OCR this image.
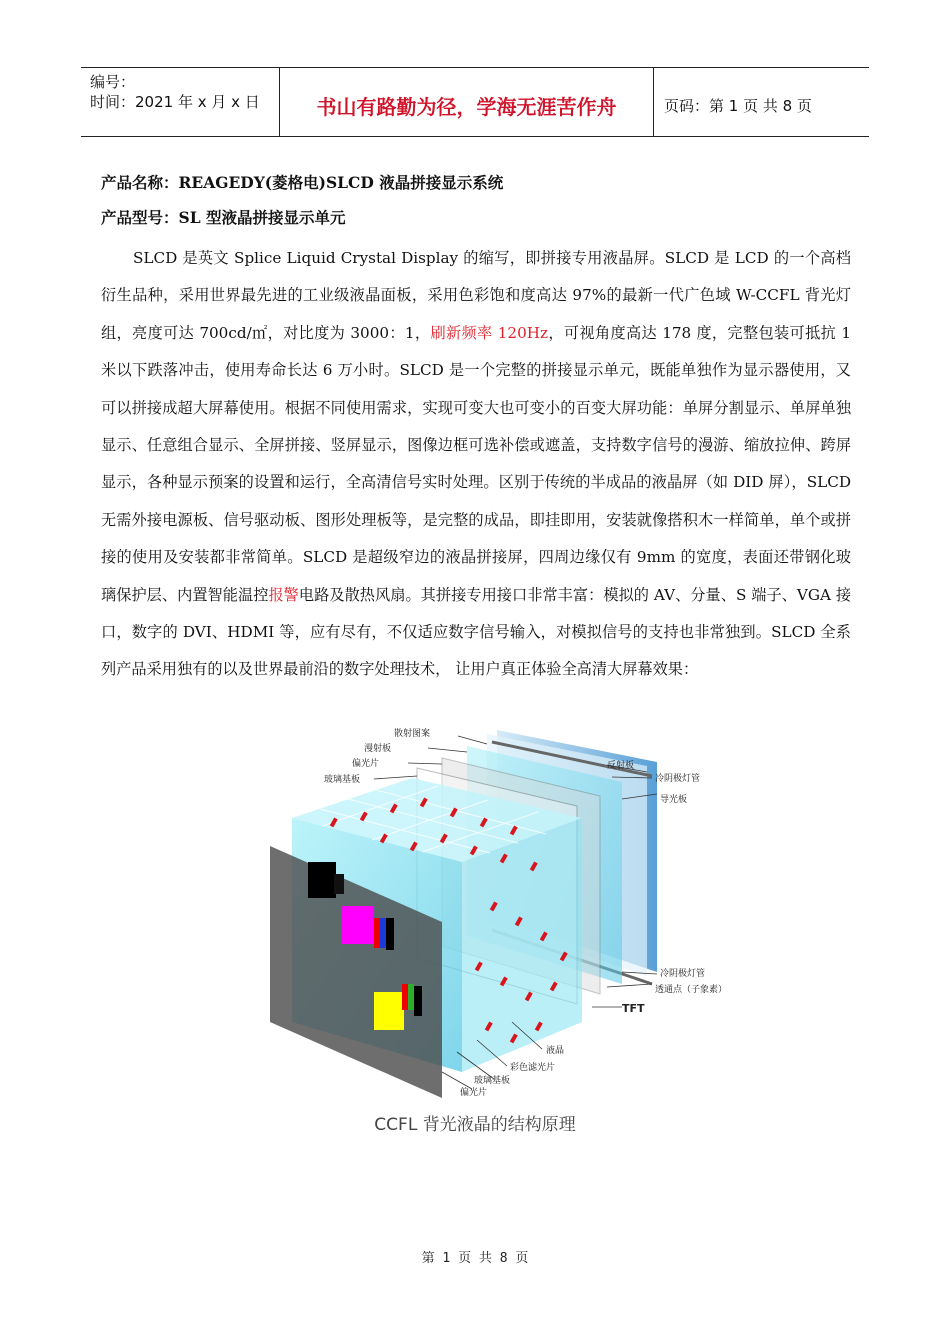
编号：
时间：2021 年 x 月 x 日	书山有路勤为径，学海无涯苦作舟	页码：第 1 页 共 8 页
产品名称：REAGEDY(菱格电)SLCD 液晶拼接显示系统
产品型号：SL 型液晶拼接显示单元
SLCD 是英文 Splice Liquid Crystal Display 的缩写，即拼接专用液晶屏。SLCD 是 LCD 的一个高档衍生品种，采用世界最先进的工业级液晶面板，采用色彩饱和度高达 97%的最新一代广色域 W-CCFL 背光灯组，亮度可达 700cd/㎡，对比度为 3000：1，刷新频率 120Hz，可视角度高达 178 度，完整包装可抵抗 1 米以下跌落冲击，使用寿命长达 6 万小时。SLCD 是一个完整的拼接显示单元，既能单独作为显示器使用，又可以拼接成超大屏幕使用。根据不同使用需求，实现可变大也可变小的百变大屏功能：单屏分割显示、单屏单独显示、任意组合显示、全屏拼接、竖屏显示，图像边框可选补偿或遮盖，支持数字信号的漫游、缩放拉伸、跨屏显示，各种显示预案的设置和运行，全高清信号实时处理。区别于传统的半成品的液晶屏（如 DID 屏），SLCD 无需外接电源板、信号驱动板、图形处理板等，是完整的成品，即挂即用，安装就像搭积木一样简单，单个或拼接的使用及安装都非常简单。SLCD 是超级窄边的液晶拼接屏，四周边缘仅有 9mm 的宽度，表面还带钢化玻璃保护层、内置智能温控报警电路及散热风扇。其拼接专用接口非常丰富：模拟的 AV、分量、S 端子、VGA 接口，数字的 DVI、HDMI 等，应有尽有，不仅适应数字信号输入，对模拟信号的支持也非常独到。SLCD 全系列产品采用独有的以及世界最前沿的数字处理技术， 让用户真正体验全高清大屏幕效果：
散射图案
漫射板
偏光片
玻璃基板
反射板
冷阴极灯管
导光板
冷阴极灯管
透通点（子象素）
TFT
液晶
彩色滤光片
玻璃基板
偏光片
CCFL 背光液晶的结构原理
第 1 页 共 8 页
